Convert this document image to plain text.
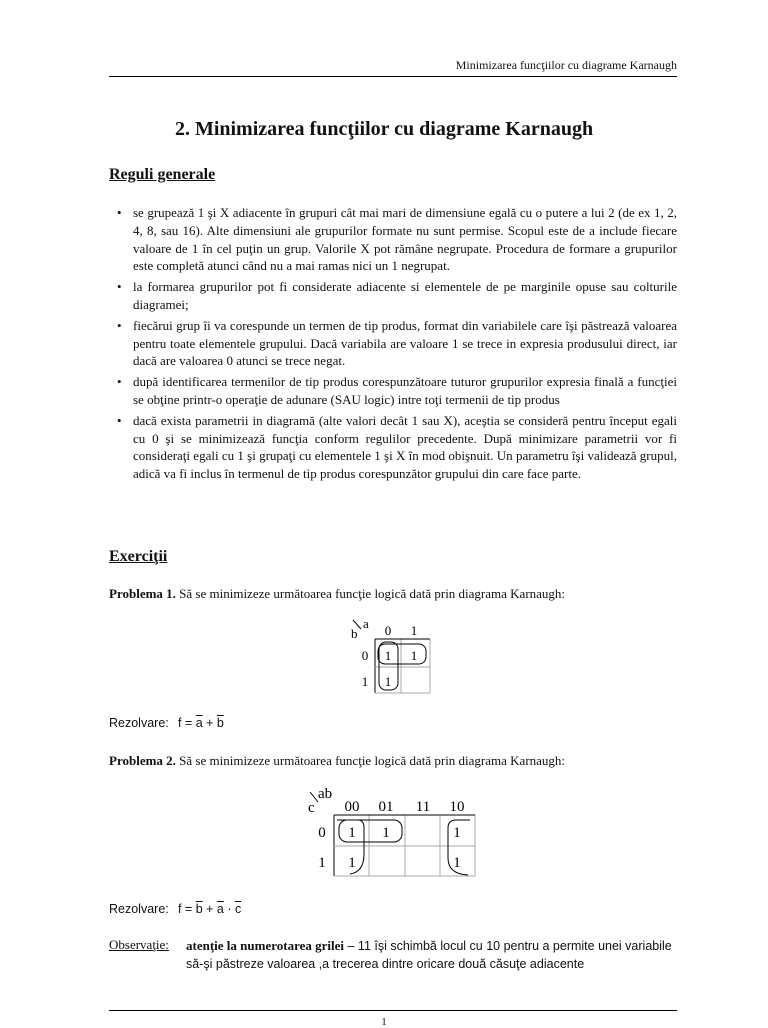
Minimizarea funcţiilor cu diagrame Karnaugh
2. Minimizarea funcţiilor cu diagrame Karnaugh
Reguli generale
• se grupează 1 şi X adiacente în grupuri cât mai mari de dimensiune egală cu o putere a lui 2 (de ex 1, 2, 4, 8, sau 16). Alte dimensiuni ale grupurilor formate nu sunt permise. Scopul este de a include fiecare valoare de 1 în cel puţin un grup. Valorile X pot rămâne negrupate. Procedura de formare a grupurilor este completă atunci când nu a mai ramas nici un 1 negrupat.
• la formarea grupurilor pot fi considerate adiacente si elementele de pe marginile opuse sau colturile diagramei;
• fiecărui grup îi va corespunde un termen de tip produs, format din variabilele care îşi păstrează valoarea pentru toate elementele grupului. Dacă variabila are valoare 1 se trece in expresia produsului direct, iar dacă are valoarea 0 atunci se trece negat.
• după identificarea termenilor de tip produs corespunzătoare tuturor grupurilor expresia finală a funcţiei se obţine printr-o operaţie de adunare (SAU logic) intre toţi termenii de tip produs
• dacă exista parametrii in diagramă (alte valori decât 1 sau X), aceştia se consideră pentru început egali cu 0 şi se minimizează funcţia conform regulilor precedente. După minimizare parametrii vor fi consideraţi egali cu 1 şi grupaţi cu elementele 1 şi X în mod obişnuit. Un parametru îşi validează grupul, adică va fi inclus în termenul de tip produs corespunzător grupului din care face parte.
Exerciţii
Problema 1. Să se minimizeze următoarea funcţie logică dată prin diagrama Karnaugh:
a
b 0 1
0
1
1 1
1
Rezolvare: $f = \overline{a} + \overline{b}$
Problema 2. Să se minimizeze următoarea funcţie logică dată prin diagrama Karnaugh:
ab
c 00 01 11 10
0
1
1 1	1
1	1
Rezolvare: $f = \overline{b} + \overline{a} \cdot \overline{c}$
Observaţie: atenţie la numerotarea grilei – 11 îşi schimbă locul cu 10 pentru a permite unei variabile să-şi păstreze valoarea ,a trecerea dintre oricare două căsuţe adiacente
1
